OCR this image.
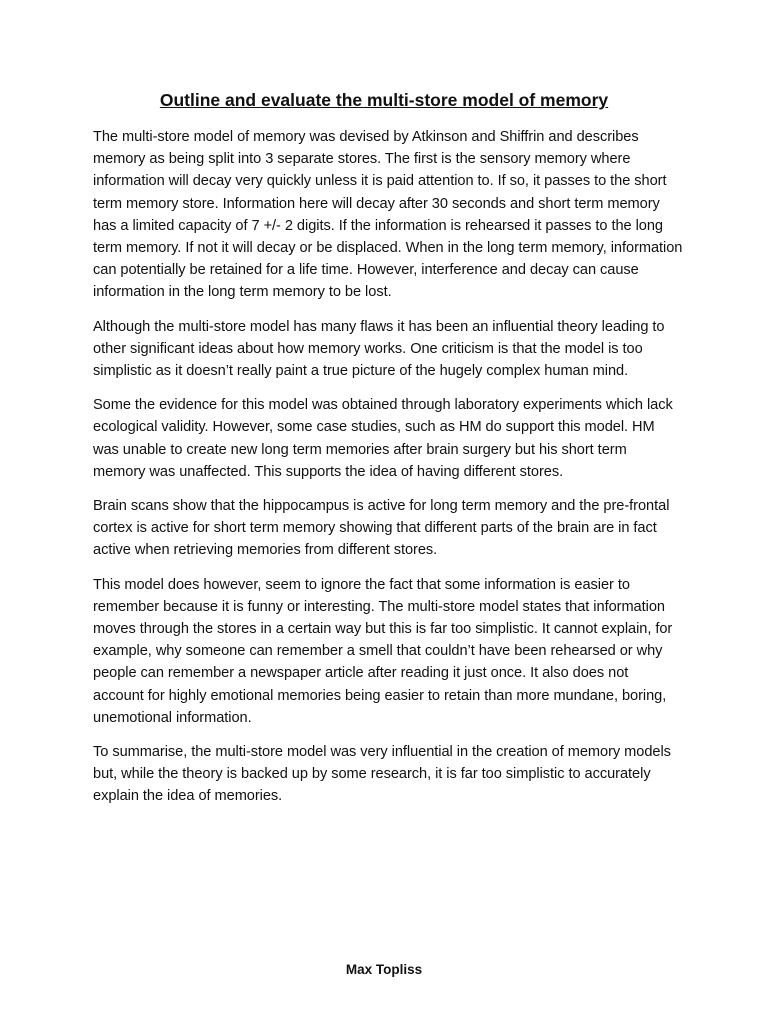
Outline and evaluate the multi-store model of memory

The multi-store model of memory was devised by Atkinson and Shiffrin and describes memory as being split into 3 separate stores. The first is the sensory memory where information will decay very quickly unless it is paid attention to. If so, it passes to the short term memory store. Information here will decay after 30 seconds and short term memory has a limited capacity of 7 +/- 2 digits. If the information is rehearsed it passes to the long term memory. If not it will decay or be displaced. When in the long term memory, information can potentially be retained for a life time. However, interference and decay can cause information in the long term memory to be lost.

Although the multi-store model has many flaws it has been an influential theory leading to other significant ideas about how memory works. One criticism is that the model is too simplistic as it doesn’t really paint a true picture of the hugely complex human mind.

Some the evidence for this model was obtained through laboratory experiments which lack ecological validity. However, some case studies, such as HM do support this model. HM was unable to create new long term memories after brain surgery but his short term memory was unaffected. This supports the idea of having different stores.

Brain scans show that the hippocampus is active for long term memory and the pre-frontal cortex is active for short term memory showing that different parts of the brain are in fact active when retrieving memories from different stores.

This model does however, seem to ignore the fact that some information is easier to remember because it is funny or interesting. The multi-store model states that information moves through the stores in a certain way but this is far too simplistic. It cannot explain, for example, why someone can remember a smell that couldn’t have been rehearsed or why people can remember a newspaper article after reading it just once. It also does not account for highly emotional memories being easier to retain than more mundane, boring, unemotional information.

To summarise, the multi-store model was very influential in the creation of memory models but, while the theory is backed up by some research, it is far too simplistic to accurately explain the idea of memories.

Max Topliss
